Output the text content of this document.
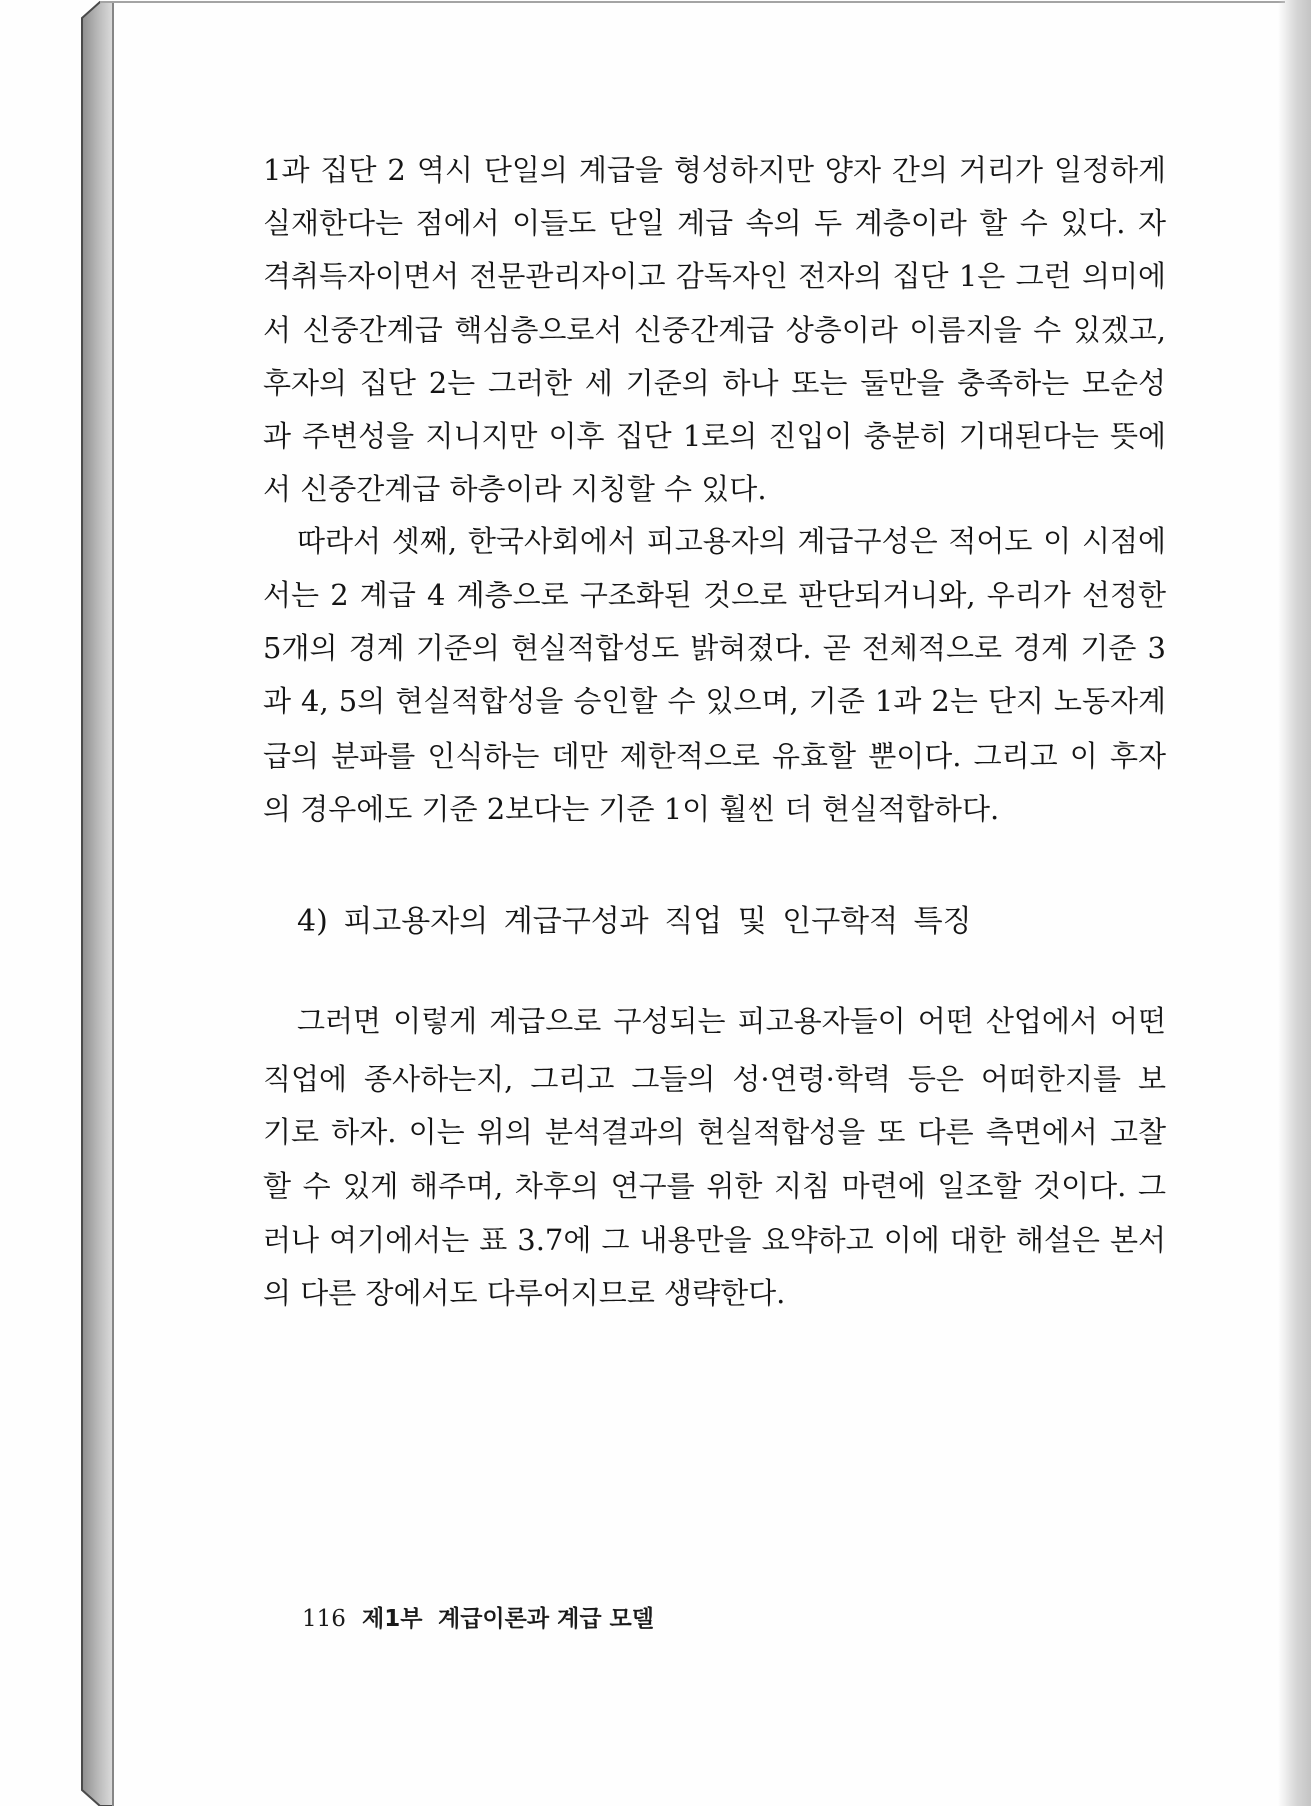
1과 집단 2 역시 단일의 계급을 형성하지만 양자 간의 거리가 일정하게
실재한다는 점에서 이들도 단일 계급 속의 두 계층이라 할 수 있다. 자
격취득자이면서 전문관리자이고 감독자인 전자의 집단 1은 그런 의미에
서 신중간계급 핵심층으로서 신중간계급 상층이라 이름지을 수 있겠고,
후자의 집단 2는 그러한 세 기준의 하나 또는 둘만을 충족하는 모순성
과 주변성을 지니지만 이후 집단 1로의 진입이 충분히 기대된다는 뜻에
서 신중간계급 하층이라 지칭할 수 있다.
따라서 셋째, 한국사회에서 피고용자의 계급구성은 적어도 이 시점에
서는 2 계급 4 계층으로 구조화된 것으로 판단되거니와, 우리가 선정한
5개의 경계 기준의 현실적합성도 밝혀졌다. 곧 전체적으로 경계 기준 3
과 4, 5의 현실적합성을 승인할 수 있으며, 기준 1과 2는 단지 노동자계
급의 분파를 인식하는 데만 제한적으로 유효할 뿐이다. 그리고 이 후자
의 경우에도 기준 2보다는 기준 1이 훨씬 더 현실적합하다.
4) 피고용자의 계급구성과 직업 및 인구학적 특징
그러면 이렇게 계급으로 구성되는 피고용자들이 어떤 산업에서 어떤
직업에 종사하는지, 그리고 그들의 성·연령·학력 등은 어떠한지를 보
기로 하자. 이는 위의 분석결과의 현실적합성을 또 다른 측면에서 고찰
할 수 있게 해주며, 차후의 연구를 위한 지침 마련에 일조할 것이다. 그
러나 여기에서는 표 3.7에 그 내용만을 요약하고 이에 대한 해설은 본서
의 다른 장에서도 다루어지므로 생략한다.
116 제1부 계급이론과 계급 모델
